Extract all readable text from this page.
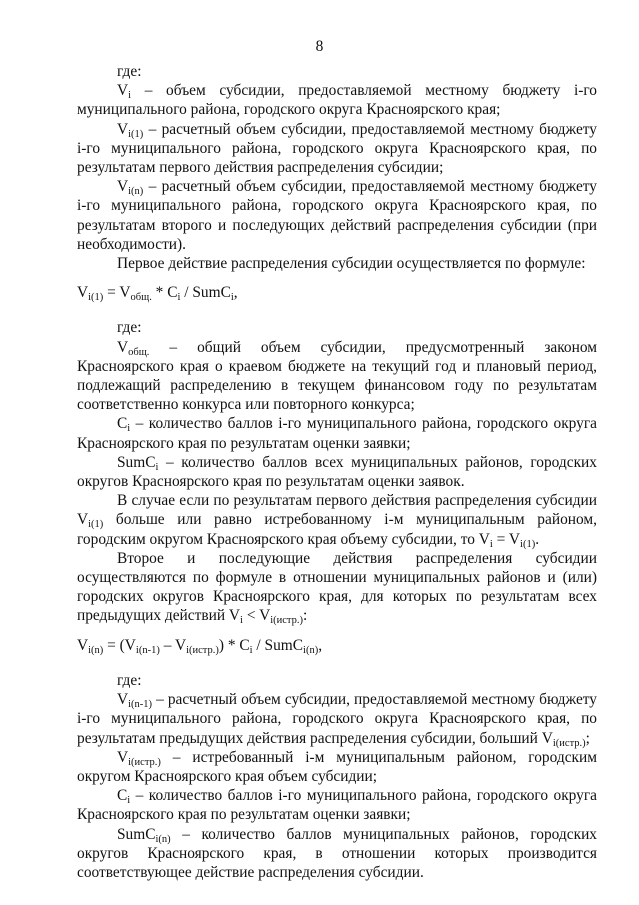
8

где:

$V_i$ – объем субсидии, предоставляемой местному бюджету i-го муниципального района, городского округа Красноярского края;

$V_{i(1)}$ – расчетный объем субсидии, предоставляемой местному бюджету i-го муниципального района, городского округа Красноярского края, по результатам первого действия распределения субсидии;

$V_{i(n)}$ – расчетный объем субсидии, предоставляемой местному бюджету i-го муниципального района, городского округа Красноярского края, по результатам второго и последующих действий распределения субсидии (при необходимости).

Первое действие распределения субсидии осуществляется по формуле:

$V_{i(1)} = V_{общ.} * C_i$ / SumC$_i$,

где:

$V_{общ.}$ – общий объем субсидии, предусмотренный законом Красноярского края о краевом бюджете на текущий год и плановый период, подлежащий распределению в текущем финансовом году по результатам соответственно конкурса или повторного конкурса;

$C_i$ – количество баллов i-го муниципального района, городского округа Красноярского края по результатам оценки заявки;

SumC$_i$ – количество баллов всех муниципальных районов, городских округов Красноярского края по результатам оценки заявок.

В случае если по результатам первого действия распределения субсидии $V_{i(1)}$ больше или равно истребованному i-м муниципальным районом, городским округом Красноярского края объему субсидии, то $V_i = V_{i(1)}$.

Второе и последующие действия распределения субсидии осуществляются по формуле в отношении муниципальных районов и (или) городских округов Красноярского края, для которых по результатам всех предыдущих действий $V_i < V_{i(истр.)}$:

$V_{i(n)} = (V_{i(n-1)} - V_{i(истр.)}) * C_i$ / SumC$_{i(n)}$,

где:

$V_{i(n-1)}$ – расчетный объем субсидии, предоставляемой местному бюджету i-го муниципального района, городского округа Красноярского края, по результатам предыдущих действия распределения субсидии, больший $V_{i(истр.)}$;

$V_{i(истр.)}$ – истребованный i-м муниципальным районом, городским округом Красноярского края объем субсидии;

$C_i$ – количество баллов i-го муниципального района, городского округа Красноярского края по результатам оценки заявки;

SumC$_{i(n)}$ – количество баллов муниципальных районов, городских округов Красноярского края, в отношении которых производится соответствующее действие распределения субсидии.
